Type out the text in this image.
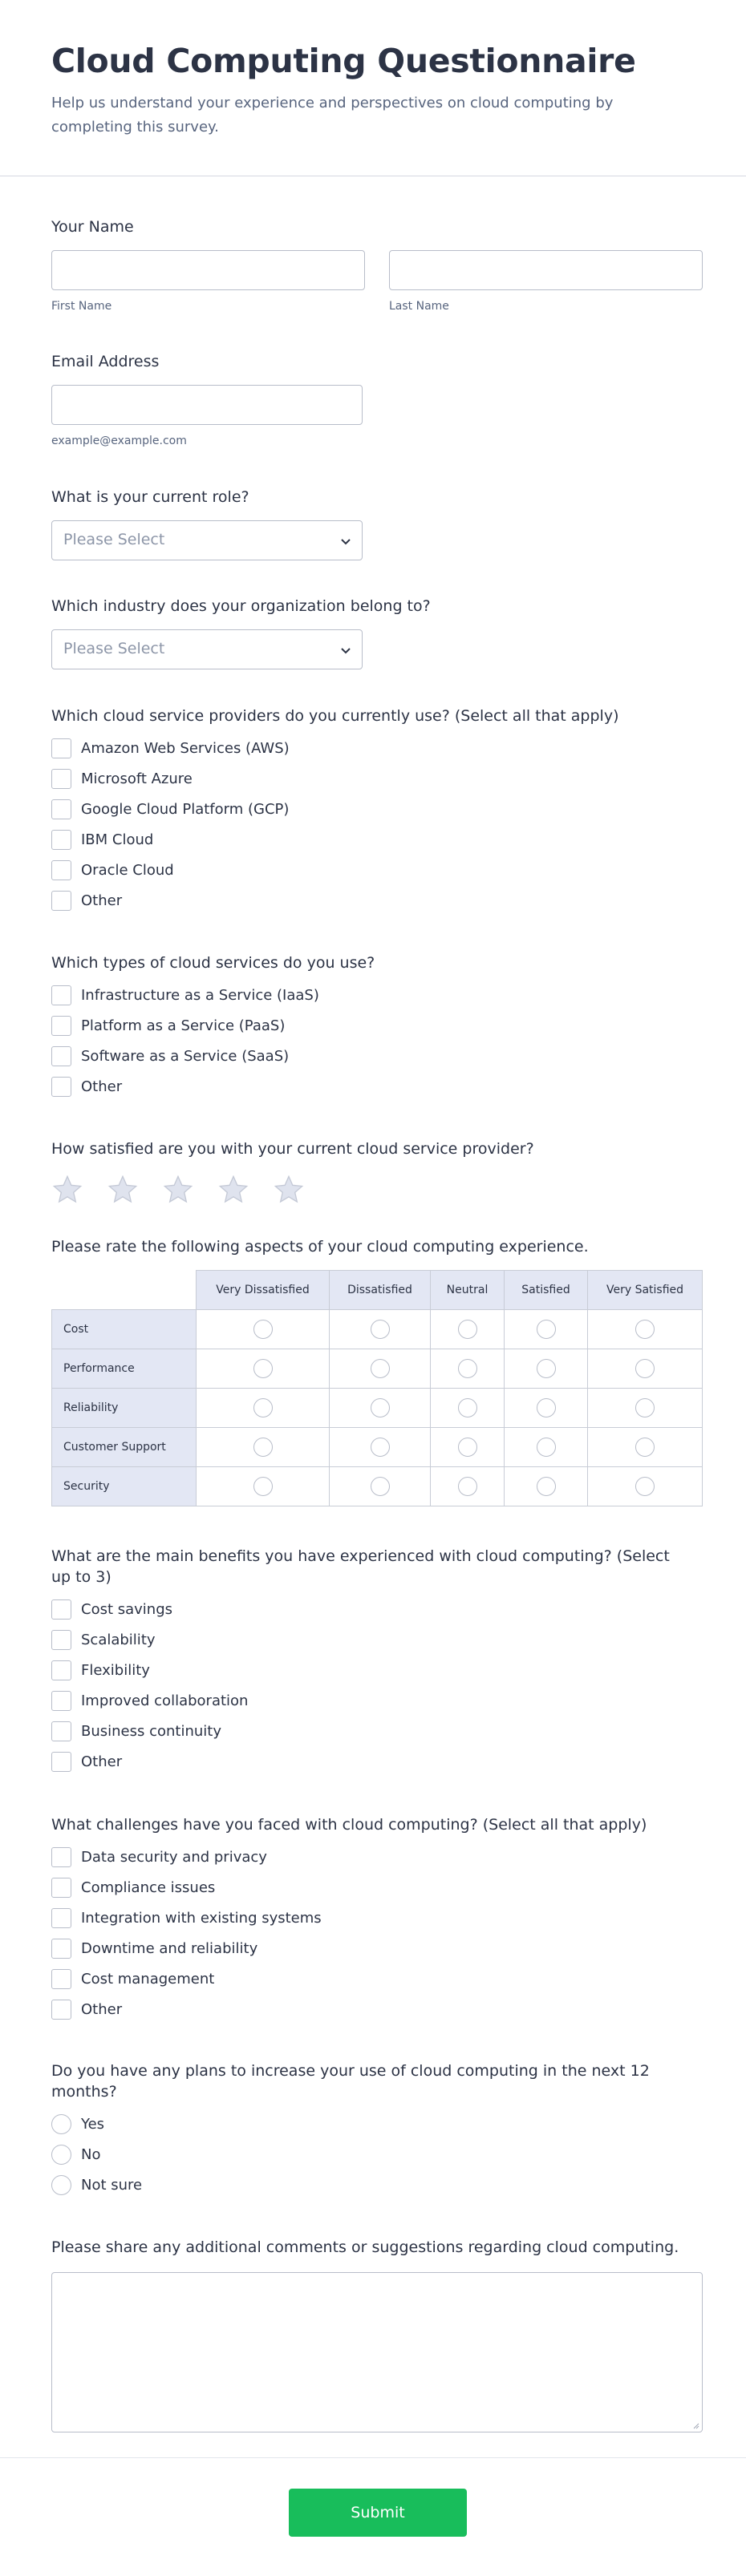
Cloud Computing Questionnaire

Help us understand your experience and perspectives on cloud computing by completing this survey.

Your Name
First Name	Last Name
Email Address
example@example.com
What is your current role?
Please Select
Which industry does your organization belong to?
Please Select
Which cloud service providers do you currently use? (Select all that apply)
Amazon Web Services (AWS)
Microsoft Azure
Google Cloud Platform (GCP)
IBM Cloud
Oracle Cloud
Other
Which types of cloud services do you use?
Infrastructure as a Service (IaaS)
Platform as a Service (PaaS)
Software as a Service (SaaS)
Other
How satisfied are you with your current cloud service provider?
Please rate the following aspects of your cloud computing experience.
	Very Dissatisfied	Dissatisfied	Neutral	Satisfied	Very Satisfied
Cost					
Performance					
Reliability					
Customer Support					
Security					
What are the main benefits you have experienced with cloud computing? (Select up to 3)
Cost savings
Scalability
Flexibility
Improved collaboration
Business continuity
Other
What challenges have you faced with cloud computing? (Select all that apply)
Data security and privacy
Compliance issues
Integration with existing systems
Downtime and reliability
Cost management
Other
Do you have any plans to increase your use of cloud computing in the next 12 months?
Yes
No
Not sure
Please share any additional comments or suggestions regarding cloud computing.
Submit
